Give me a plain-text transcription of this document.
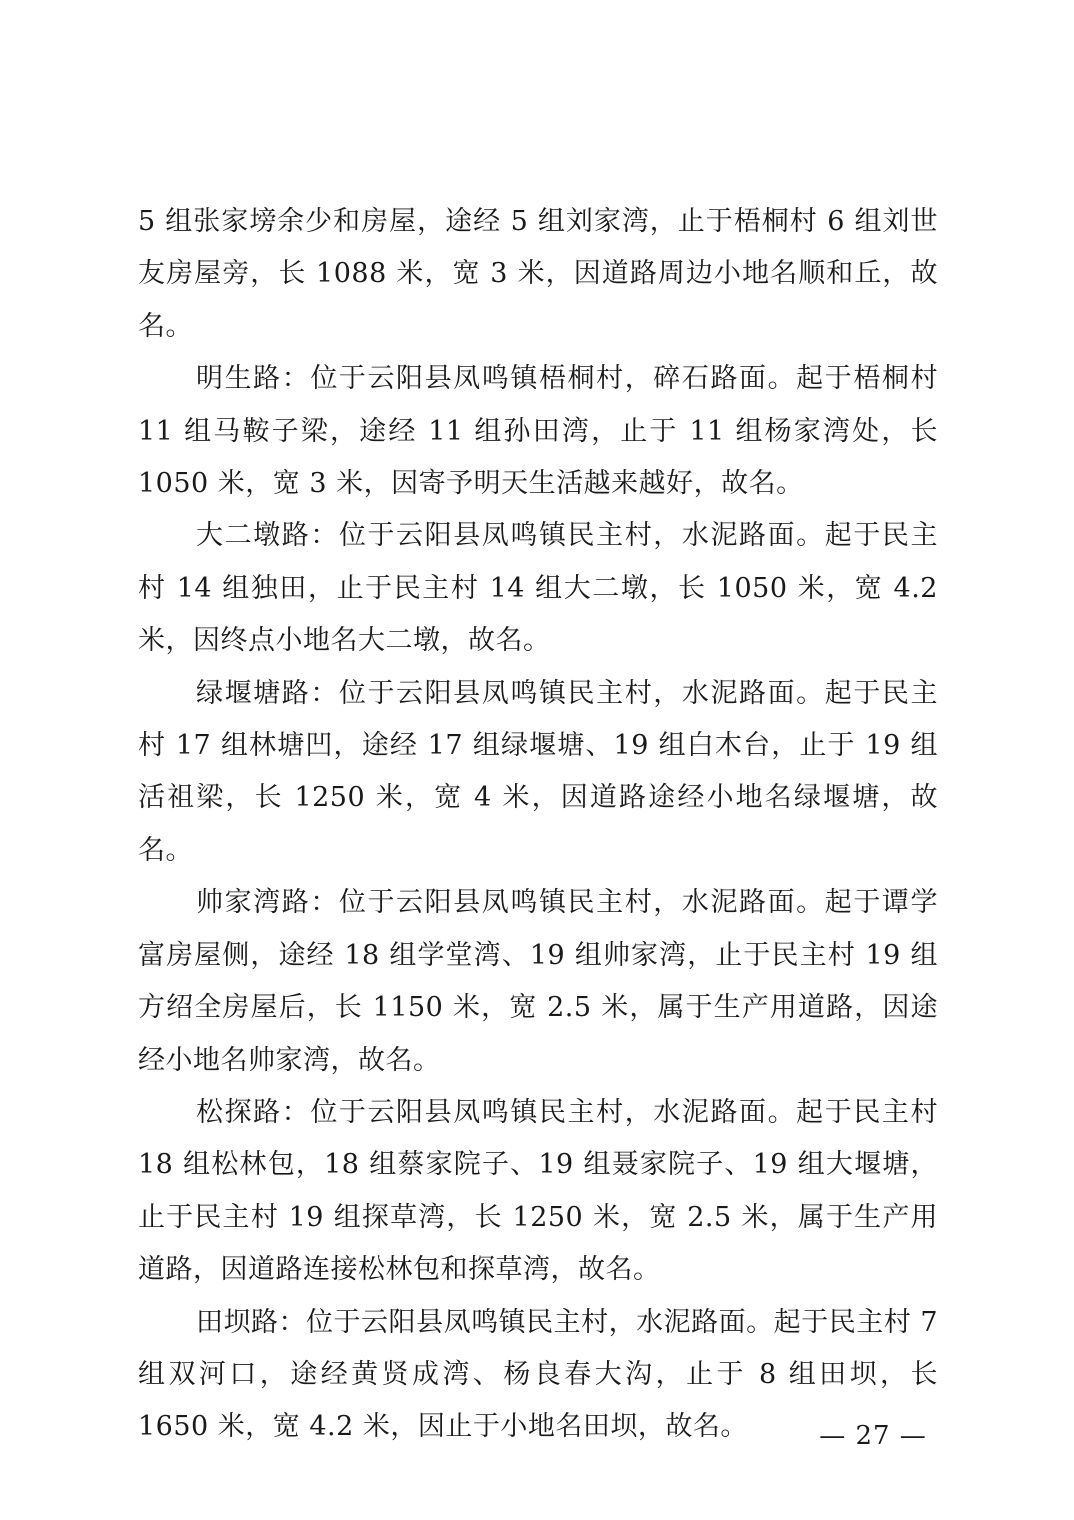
5 组张家塝余少和房屋，途经 5 组刘家湾，止于梧桐村 6 组刘世友房屋旁，长 1088 米，宽 3 米，因道路周边小地名顺和丘，故名。

明生路：位于云阳县凤鸣镇梧桐村，碎石路面。起于梧桐村 11 组马鞍子梁，途经 11 组孙田湾，止于 11 组杨家湾处，长 1050 米，宽 3 米，因寄予明天生活越来越好，故名。

大二墩路：位于云阳县凤鸣镇民主村，水泥路面。起于民主村 14 组独田，止于民主村 14 组大二墩，长 1050 米，宽 4.2 米，因终点小地名大二墩，故名。

绿堰塘路：位于云阳县凤鸣镇民主村，水泥路面。起于民主村 17 组林塘凹，途经 17 组绿堰塘、19 组白木台，止于 19 组活祖梁，长 1250 米，宽 4 米，因道路途经小地名绿堰塘，故名。

帅家湾路：位于云阳县凤鸣镇民主村，水泥路面。起于谭学富房屋侧，途经 18 组学堂湾、19 组帅家湾，止于民主村 19 组方绍全房屋后，长 1150 米，宽 2.5 米，属于生产用道路，因途经小地名帅家湾，故名。

松探路：位于云阳县凤鸣镇民主村，水泥路面。起于民主村 18 组松林包，18 组蔡家院子、19 组聂家院子、19 组大堰塘，止于民主村 19 组探草湾，长 1250 米，宽 2.5 米，属于生产用道路，因道路连接松林包和探草湾，故名。

田坝路：位于云阳县凤鸣镇民主村，水泥路面。起于民主村 7 组双河口，途经黄贤成湾、杨良春大沟，止于 8 组田坝，长 1650 米，宽 4.2 米，因止于小地名田坝，故名。	— 27 —
